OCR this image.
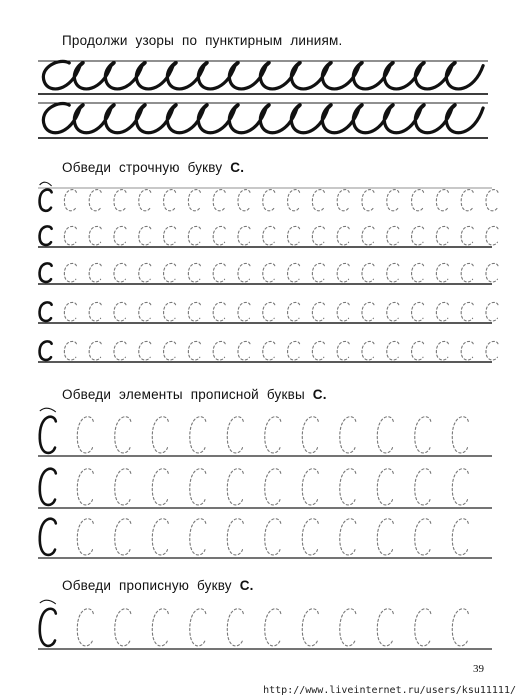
Продолжи узоры по пунктирным линиям.
Обведи строчную букву С.
Обведи элементы прописной буквы С.
Обведи прописную букву С.
39
http://www.liveinternet.ru/users/ksu11111/
